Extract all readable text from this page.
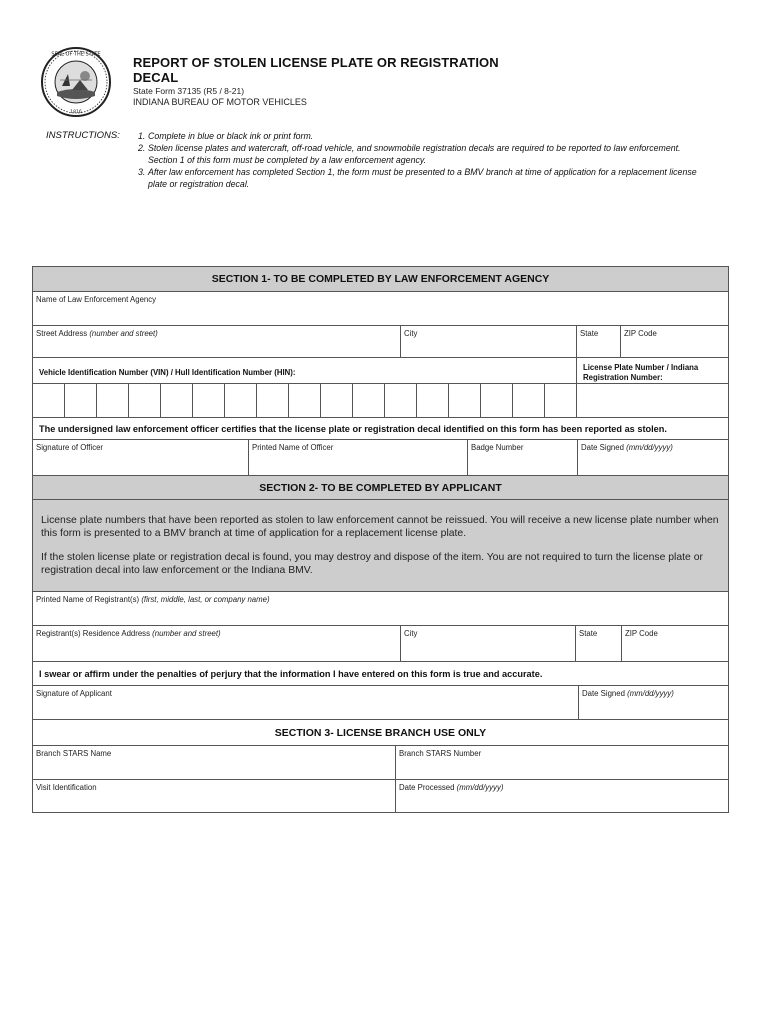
SEAL·OF·THE·STATE
1816
REPORT OF STOLEN LICENSE PLATE OR REGISTRATION
DECAL
State Form 37135 (R5 / 8-21)
INDIANA BUREAU OF MOTOR VEHICLES
INSTRUCTIONS: 1. Complete in blue or black ink or print form.
2. Stolen license plates and watercraft, off-road vehicle, and snowmobile registration decals are required to be reported to law enforcement. Section 1 of this form must be completed by a law enforcement agency.
3. After law enforcement has completed Section 1, the form must be presented to a BMV branch at time of application for a replacement license plate or registration decal.
SECTION 1- TO BE COMPLETED BY LAW ENFORCEMENT AGENCY
Name of Law Enforcement Agency
Street Address (number and street)	City	State	ZIP Code
Vehicle Identification Number (VIN) / Hull Identification Number (HIN):
License Plate Number / Indiana
Registration Number:
The undersigned law enforcement officer certifies that the license plate or registration decal identified on this form has been reported as stolen.
Signature of Officer	Printed Name of Officer	Badge Number	Date Signed (mm/dd/yyyy)
SECTION 2- TO BE COMPLETED BY APPLICANT

License plate numbers that have been reported as stolen to law enforcement cannot be reissued. You will receive a new license plate number when this form is presented to a BMV branch at time of application for a replacement license plate.

If the stolen license plate or registration decal is found, you may destroy and dispose of the item. You are not required to turn the license plate or registration decal into law enforcement or the Indiana BMV.

Printed Name of Registrant(s) (first, middle, last, or company name)
Registrant(s) Residence Address (number and street)	City	State	ZIP Code
I swear or affirm under the penalties of perjury that the information I have entered on this form is true and accurate.
Signature of Applicant	Date Signed (mm/dd/yyyy)
SECTION 3- LICENSE BRANCH USE ONLY
Branch STARS Name	Branch STARS Number
Visit Identification	Date Processed (mm/dd/yyyy)
